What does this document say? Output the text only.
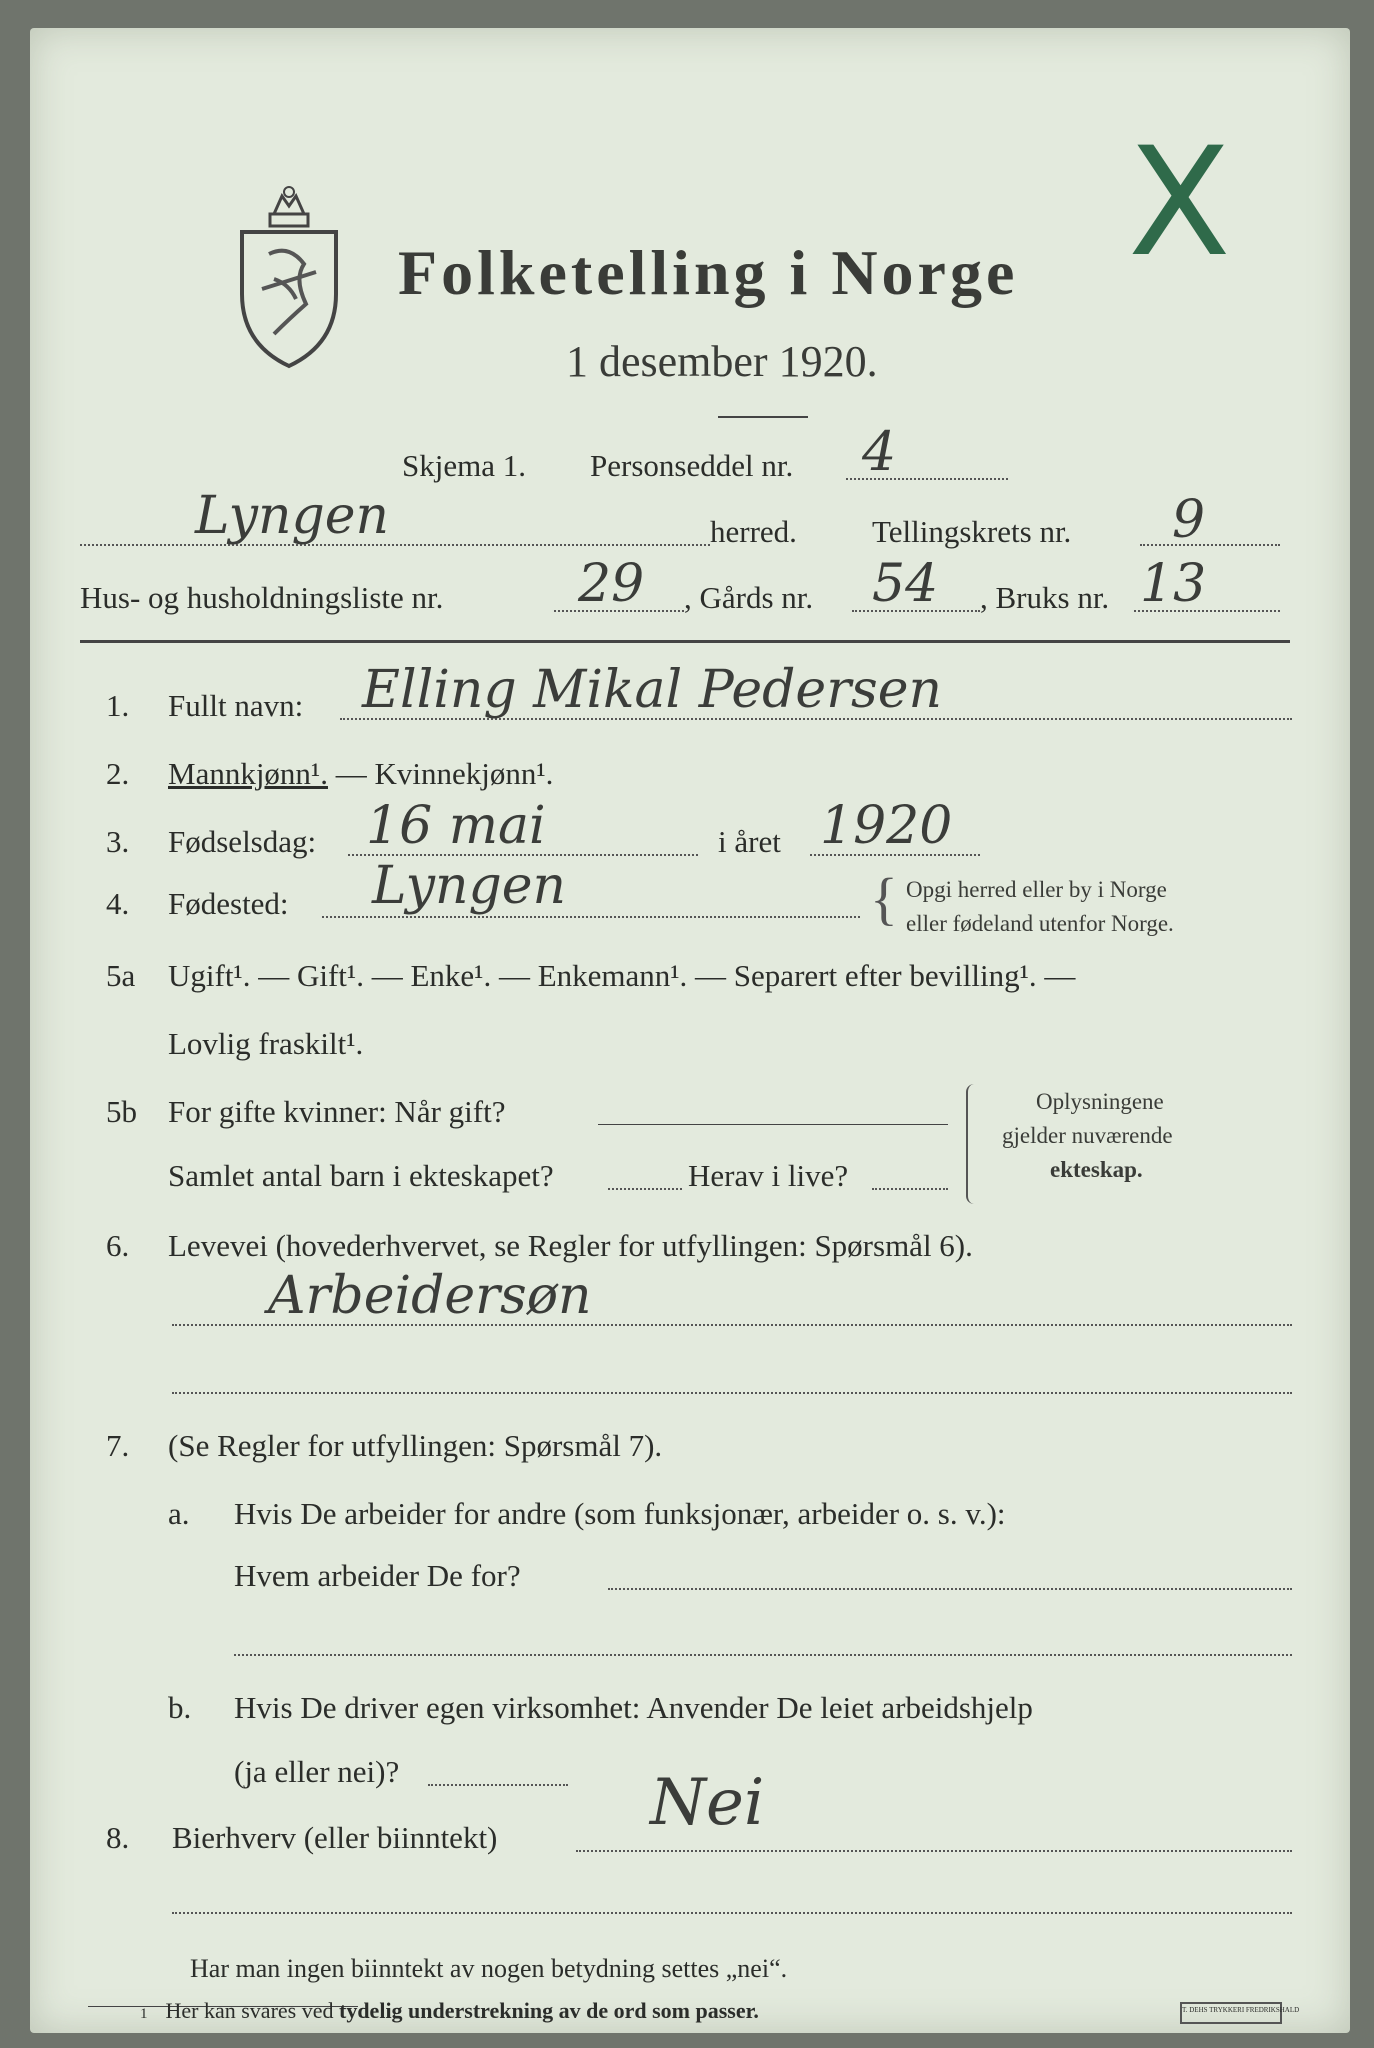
Folketelling i Norge
1 desember 1920.
X
Skjema 1. Personseddel nr. 4
Lyngen	herred. Tellingskrets nr. 9
Hus- og husholdningsliste nr.	29 , Gårds nr. 54 , Bruks nr. 13
1. Fullt navn: Elling Mikal Pedersen
2. Mannkjønn¹. — Kvinnekjønn¹.
3. Fødselsdag: 16 mai	i året 1920
4. Fødested: Lyngen	{ Opgi herred eller by i Norge
eller fødeland utenfor Norge.
5a Ugift¹. — Gift¹. — Enke¹. — Enkemann¹. — Separert efter bevilling¹. —
Lovlig fraskilt¹.
5b For gifte kvinner: Når gift?
Samlet antal barn i ekteskapet?	Herav i live?
Oplysningene
gjelder nuværende
ekteskap.
6. Levevei (hovederhvervet, se Regler for utfyllingen: Spørsmål 6).
Arbeidersøn
7. (Se Regler for utfyllingen: Spørsmål 7).
a. Hvis De arbeider for andre (som funksjonær, arbeider o. s. v.):
Hvem arbeider De for?
b. Hvis De driver egen virksomhet: Anvender De leiet arbeidshjelp
(ja eller nei)?
8. Bierhverv (eller biinntekt) Nei
Har man ingen biinntekt av nogen betydning settes „nei“.
1 Her kan svares ved tydelig understrekning av de ord som passer.	T. DEHS TRYKKERI FREDRIKSHALD
